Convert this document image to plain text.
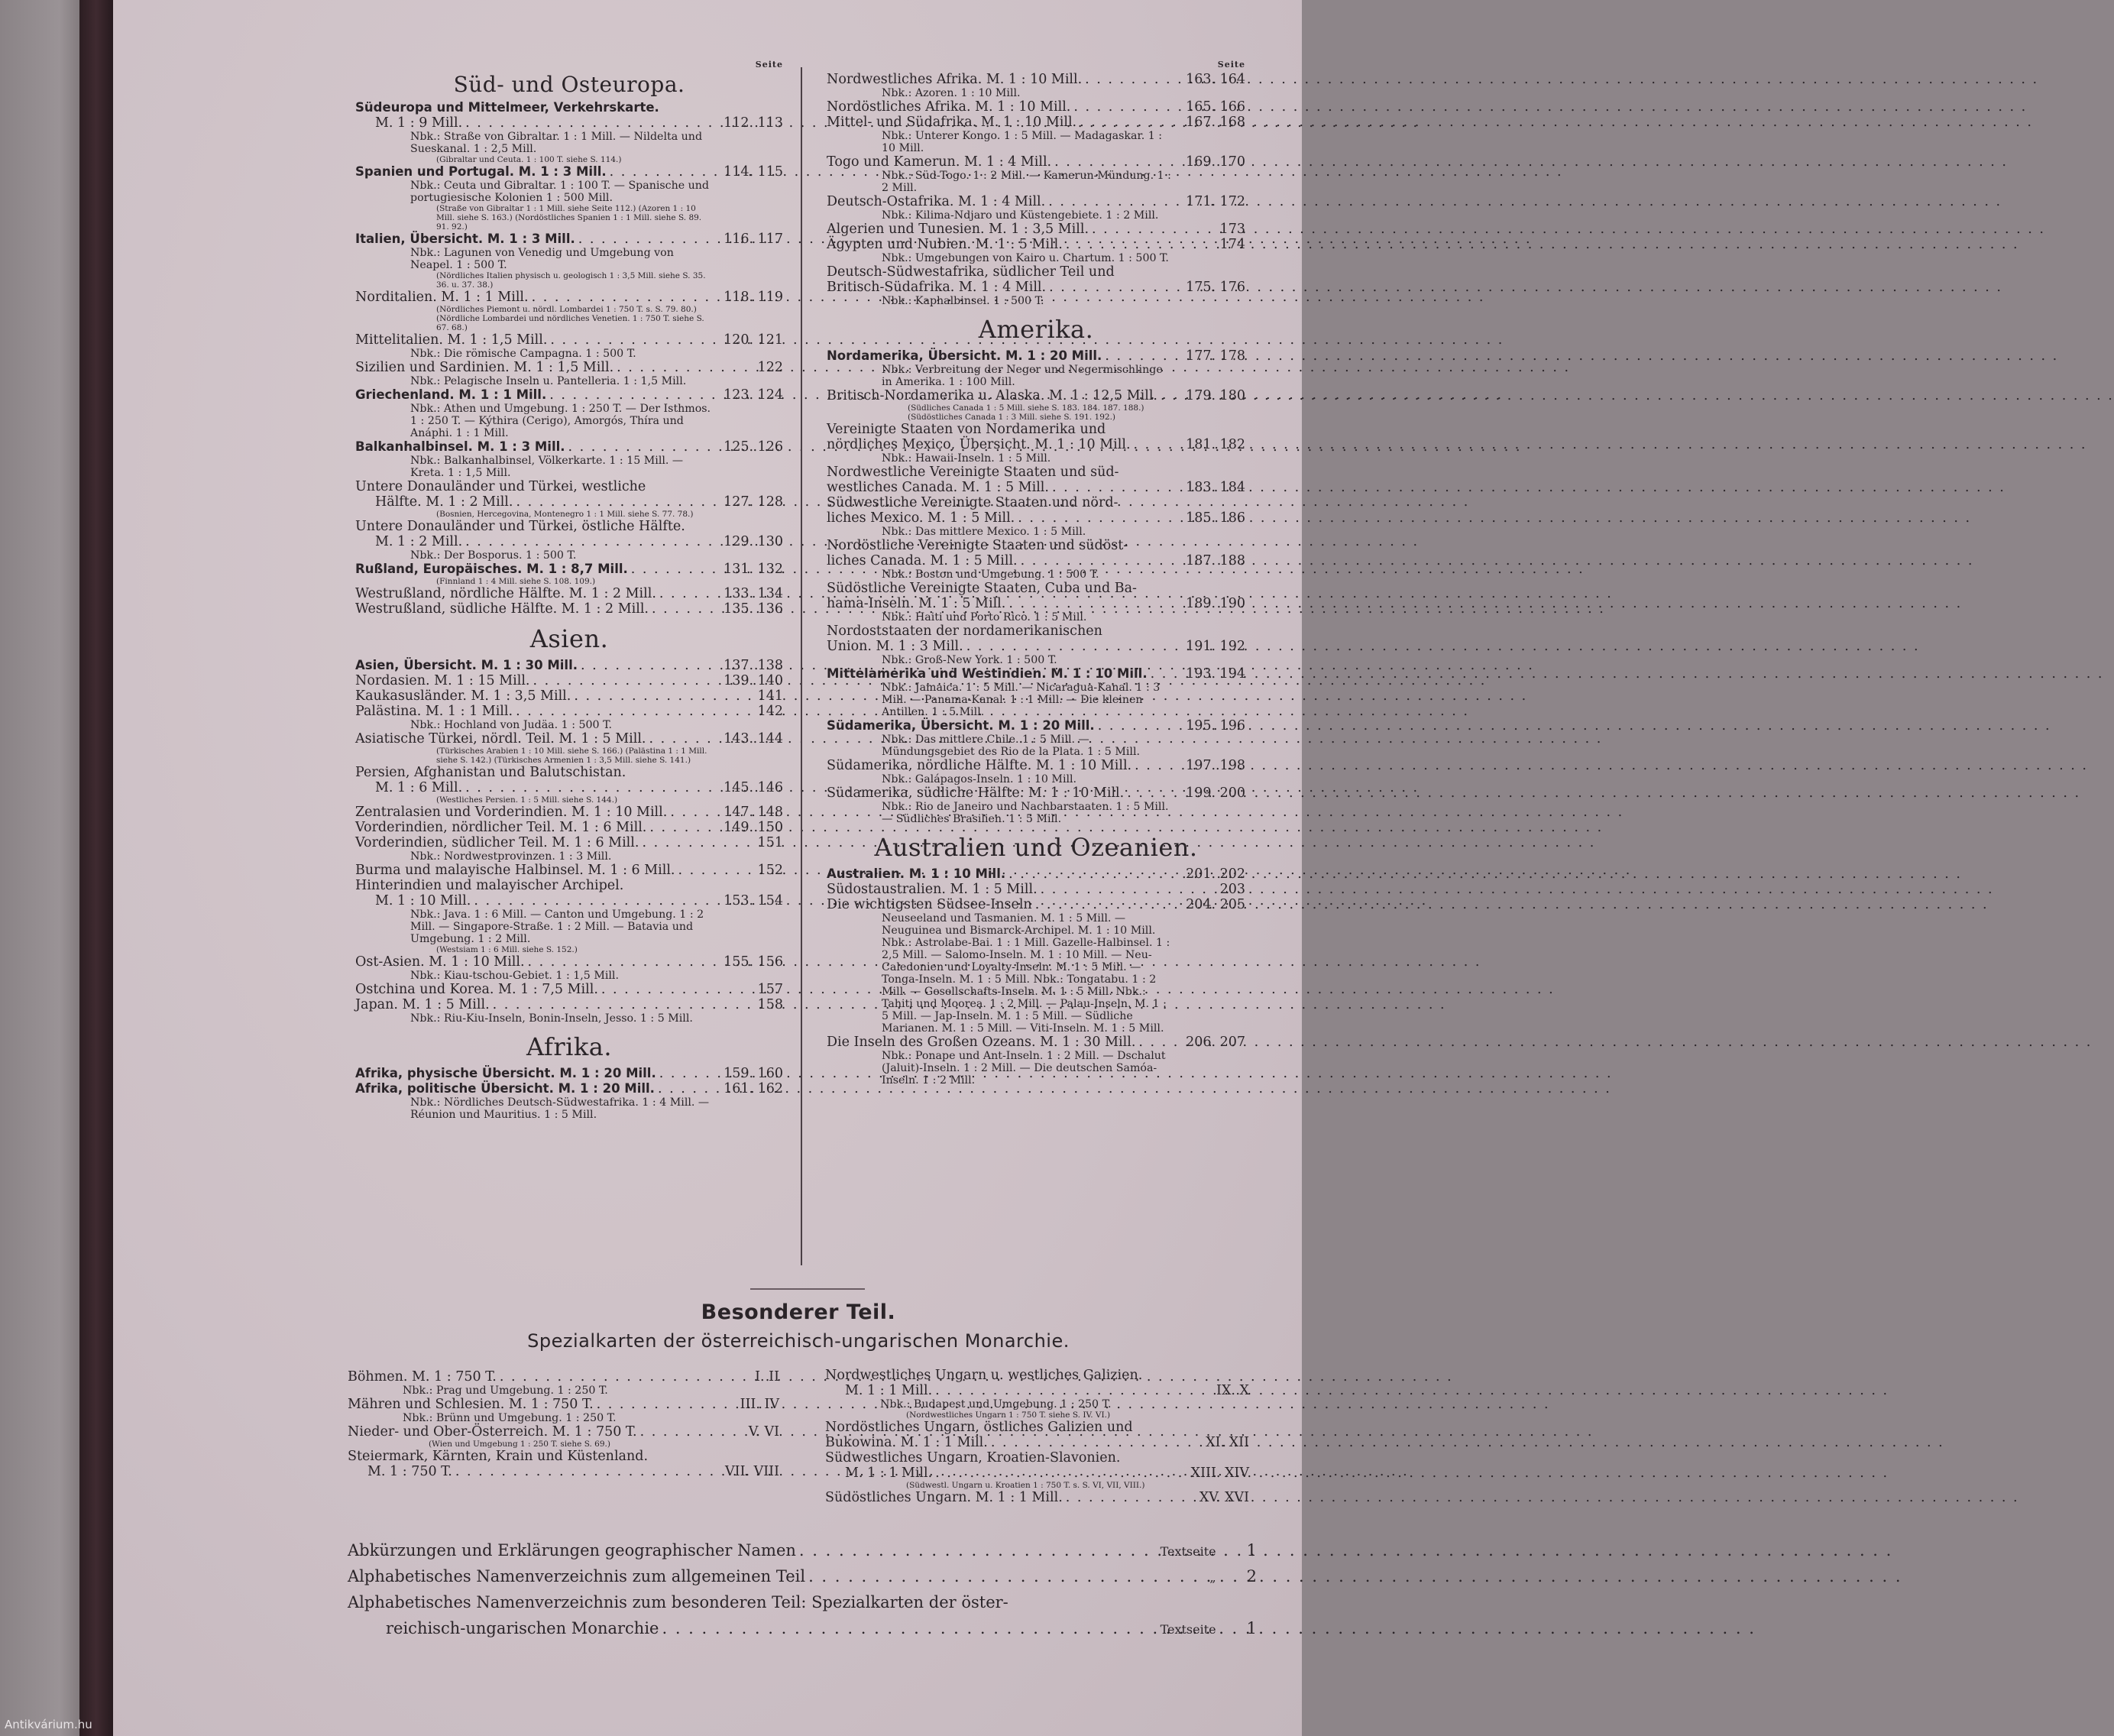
Seite
Süd- und Osteuropa.
Südeuropa und Mittelmeer, Verkehrskarte.
M. 1 : 9 Mill. . . .	112. 113
Nbk.: Straße von Gibraltar. 1 : 1 Mill. — Nildelta und Sueskanal. 1 : 2,5 Mill.
(Gibraltar und Ceuta. 1 : 100 T. siehe S. 114.)
Spanien und Portugal. M. 1 : 3 Mill. . . .	114. 115
Nbk.: Ceuta und Gibraltar. 1 : 100 T. — Spanische und portugiesische Kolonien 1 : 500 Mill.
(Straße von Gibraltar 1 : 1 Mill. siehe Seite 112.) (Azoren 1 : 10 Mill. siehe S. 163.) (Nordöstliches Spanien 1 : 1 Mill. siehe S. 89. 91. 92.)
Italien, Übersicht. M. 1 : 3 Mill. . . .	116. 117
Nbk.: Lagunen von Venedig und Umgebung von Neapel. 1 : 500 T.
(Nördliches Italien physisch u. geologisch 1 : 3,5 Mill. siehe S. 35. 36. u. 37. 38.)
Norditalien. M. 1 : 1 Mill. . . .	118. 119
(Nördliches Piemont u. nördl. Lombardei 1 : 750 T. s. S. 79. 80.) (Nördliche Lombardei und nördliches Venetien. 1 : 750 T. siehe S. 67. 68.)
Mittelitalien. M. 1 : 1,5 Mill. . . .	120. 121
Nbk.: Die römische Campagna. 1 : 500 T.
Sizilien und Sardinien. M. 1 : 1,5 Mill. . . .	122
Nbk.: Pelagische Inseln u. Pantelleria. 1 : 1,5 Mill.
Griechenland. M. 1 : 1 Mill. . . .	123. 124
Nbk.: Athen und Umgebung. 1 : 250 T. — Der Isthmos. 1 : 250 T. — Kýthira (Cerigo), Amorgós, Thíra und Anáphi. 1 : 1 Mill.
Balkanhalbinsel. M. 1 : 3 Mill. . . .	125. 126
Nbk.: Balkanhalbinsel, Völkerkarte. 1 : 15 Mill. — Kreta. 1 : 1,5 Mill.
Untere Donauländer und Türkei, westliche
Hälfte. M. 1 : 2 Mill. . . .	127. 128
(Bosnien, Hercegovina, Montenegro 1 : 1 Mill. siehe S. 77. 78.)
Untere Donauländer und Türkei, östliche Hälfte.
M. 1 : 2 Mill. . . .	129. 130
Nbk.: Der Bosporus. 1 : 500 T.
Rußland, Europäisches. M. 1 : 8,7 Mill. . . .	131. 132
(Finnland 1 : 4 Mill. siehe S. 108. 109.)
Westrußland, nördliche Hälfte. M. 1 : 2 Mill. . . .	133. 134
Westrußland, südliche Hälfte. M. 1 : 2 Mill. . . .	135. 136
Asien.
Asien, Übersicht. M. 1 : 30 Mill. . . .	137. 138
Nordasien. M. 1 : 15 Mill. . . .	139. 140
Kaukasusländer. M. 1 : 3,5 Mill. . . .	141
Palästina. M. 1 : 1 Mill. . . .	142
Nbk.: Hochland von Judäa. 1 : 500 T.
Asiatische Türkei, nördl. Teil. M. 1 : 5 Mill. . . .	143. 144
(Türkisches Arabien 1 : 10 Mill. siehe S. 166.) (Palästina 1 : 1 Mill. siehe S. 142.) (Türkisches Armenien 1 : 3,5 Mill. siehe S. 141.)
Persien, Afghanistan und Balutschistan.
M. 1 : 6 Mill. . . .	145. 146
(Westliches Persien. 1 : 5 Mill. siehe S. 144.)
Zentralasien und Vorderindien. M. 1 : 10 Mill. . . .	147. 148
Vorderindien, nördlicher Teil. M. 1 : 6 Mill. . . .	149. 150
Vorderindien, südlicher Teil. M. 1 : 6 Mill. . . .	151
Nbk.: Nordwestprovinzen. 1 : 3 Mill.
Burma und malayische Halbinsel. M. 1 : 6 Mill. . . .	152
Hinterindien und malayischer Archipel.
M. 1 : 10 Mill. . . .	153. 154
Nbk.: Java. 1 : 6 Mill. — Canton und Umgebung. 1 : 2 Mill. — Singapore-Straße. 1 : 2 Mill. — Batavia und Umgebung. 1 : 2 Mill.
(Westsiam 1 : 6 Mill. siehe S. 152.)
Ost-Asien. M. 1 : 10 Mill. . . .	155. 156
Nbk.: Kiau-tschou-Gebiet. 1 : 1,5 Mill.
Ostchina und Korea. M. 1 : 7,5 Mill. . . .	157
Japan. M. 1 : 5 Mill. . . .	158
Nbk.: Riu-Kiu-Inseln, Bonin-Inseln, Jesso. 1 : 5 Mill.
Afrika.
Afrika, physische Übersicht. M. 1 : 20 Mill. . . .	159. 160
Afrika, politische Übersicht. M. 1 : 20 Mill. . . .	161. 162
Nbk.: Nördliches Deutsch-Südwestafrika. 1 : 4 Mill. — Réunion und Mauritius. 1 : 5 Mill.
Seite
Nordwestliches Afrika. M. 1 : 10 Mill. . . .	163. 164
Nbk.: Azoren. 1 : 10 Mill.
Nordöstliches Afrika. M. 1 : 10 Mill. . . .	165. 166
Mittel- und Südafrika. M. 1 : 10 Mill. . . .	167. 168
Nbk.: Unterer Kongo. 1 : 5 Mill. — Madagaskar. 1 : 10 Mill.
Togo und Kamerun. M. 1 : 4 Mill. . . .	169. 170
Nbk.: Süd-Togo. 1 : 2 Mill. — Kamerun-Mündung. 1 : 2 Mill.
Deutsch-Ostafrika. M. 1 : 4 Mill. . . .	171. 172
Nbk.: Kilima-Ndjaro und Küstengebiete. 1 : 2 Mill.
Algerien und Tunesien. M. 1 : 3,5 Mill. . . .	173
Ägypten und Nubien. M. 1 : 5 Mill. . . .	174
Nbk.: Umgebungen von Kairo u. Chartum. 1 : 500 T.
Deutsch-Südwestafrika, südlicher Teil und
Britisch-Südafrika. M. 1 : 4 Mill. . . .	175. 176
Nbk.: Kaphalbinsel. 1 : 500 T.
Amerika.
Nordamerika, Übersicht. M. 1 : 20 Mill. . . .	177. 178
Nbk.: Verbreitung der Neger und Negermischlinge in Amerika. 1 : 100 Mill.
Britisch-Nordamerika u. Alaska. M. 1 : 12,5 Mill. . . .	179. 180
(Südliches Canada 1 : 5 Mill. siehe S. 183. 184. 187. 188.) (Südöstliches Canada 1 : 3 Mill. siehe S. 191. 192.)
Vereinigte Staaten von Nordamerika und
nördliches Mexico, Übersicht. M. 1 : 10 Mill. . . .	181. 182
Nbk.: Hawaii-Inseln. 1 : 5 Mill.
Nordwestliche Vereinigte Staaten und süd-
westliches Canada. M. 1 : 5 Mill. . . .	183. 184
Südwestliche Vereinigte Staaten und nörd-
liches Mexico. M. 1 : 5 Mill. . . .	185. 186
Nbk.: Das mittlere Mexico. 1 : 5 Mill.
Nordöstliche Vereinigte Staaten und südöst-
liches Canada. M. 1 : 5 Mill. . . .	187. 188
Nbk.: Boston und Umgebung. 1 : 500 T.
Südöstliche Vereinigte Staaten, Cuba und Ba-
hama-Inseln. M. 1 : 5 Mill. . . .	189. 190
Nbk.: Haiti und Porto Rico. 1 : 5 Mill.
Nordoststaaten der nordamerikanischen
Union. M. 1 : 3 Mill. . . .	191. 192
Nbk.: Groß-New York. 1 : 500 T.
Mittelamerika und Westindien. M. 1 : 10 Mill. . . .	193. 194
Nbk.: Jamaica. 1 : 5 Mill. — Nicaragua-Kanal. 1 : 3 Mill. — Panama-Kanal. 1 : 1 Mill. — Die kleinen Antillen. 1 : 5 Mill.
Südamerika, Übersicht. M. 1 : 20 Mill. . . .	195. 196
Nbk.: Das mittlere Chile. 1 : 5 Mill. — Mündungsgebiet des Rio de la Plata. 1 : 5 Mill.
Südamerika, nördliche Hälfte. M. 1 : 10 Mill. . . .	197. 198
Nbk.: Galápagos-Inseln. 1 : 10 Mill.
Südamerika, südliche Hälfte. M. 1 : 10 Mill. . . .	199. 200
Nbk.: Rio de Janeiro und Nachbarstaaten. 1 : 5 Mill. — Südliches Brasilien. 1 : 5 Mill.
Australien und Ozeanien.
Australien. M. 1 : 10 Mill. . . .	201. 202
Südostaustralien. M. 1 : 5 Mill. . . .	203
Die wichtigsten Südsee-Inseln . . .	204. 205
Neuseeland und Tasmanien. M. 1 : 5 Mill. — Neuguinea und Bismarck-Archipel. M. 1 : 10 Mill. Nbk.: Astrolabe-Bai. 1 : 1 Mill. Gazelle-Halbinsel. 1 : 2,5 Mill. — Salomo-Inseln. M. 1 : 10 Mill. — Neu-Caledonien und Loyalty-Inseln. M. 1 : 5 Mill. — Tonga-Inseln. M. 1 : 5 Mill. Nbk.: Tongatabu. 1 : 2 Mill. — Gesellschafts-Inseln. M. 1 : 5 Mill. Nbk.: Tahiti und Moorea. 1 : 2 Mill. — Palau-Inseln. M. 1 : 5 Mill. — Jap-Inseln. M. 1 : 5 Mill. — Südliche Marianen. M. 1 : 5 Mill. — Viti-Inseln. M. 1 : 5 Mill.
Die Inseln des Großen Ozeans. M. 1 : 30 Mill. . . .	206. 207
Nbk.: Ponape und Ant-Inseln. 1 : 2 Mill. — Dschalut (Jaluit)-Inseln. 1 : 2 Mill. — Die deutschen Samóa-Inseln. 1 : 2 Mill.
Besonderer Teil.
Spezialkarten der österreichisch-ungarischen Monarchie.
Böhmen. M. 1 : 750 T. . . .	I. II
Nbk.: Prag und Umgebung. 1 : 250 T.
Mähren und Schlesien. M. 1 : 750 T. . . .	III. IV
Nbk.: Brünn und Umgebung. 1 : 250 T.
Nieder- und Ober-Österreich. M. 1 : 750 T. . . .	V. VI
(Wien und Umgebung 1 : 250 T. siehe S. 69.)
Steiermark, Kärnten, Krain und Küstenland.
M. 1 : 750 T. . . .	VII. VIII
Nordwestliches Ungarn u. westliches Galizien.
M. 1 : 1 Mill. . . .	IX. X
Nbk.: Budapest und Umgebung. 1 : 250 T.
(Nordwestliches Ungarn 1 : 750 T. siehe S. IV. VI.)
Nordöstliches Ungarn, östliches Galizien und
Bukowina. M. 1 : 1 Mill. . . .	XI. XII
Südwestliches Ungarn, Kroatien-Slavonien.
M. 1 : 1 Mill. . . .	XIII. XIV
(Südwestl. Ungarn u. Kroatien 1 : 750 T. s. S. VI, VII, VIII.)
Südöstliches Ungarn. M. 1 : 1 Mill. . . .	XV. XVI
Abkürzungen und Erklärungen geographischer Namen . . .	Textseite 1
Alphabetisches Namenverzeichnis zum allgemeinen Teil . . .	„ 2
Alphabetisches Namenverzeichnis zum besonderen Teil: Spezialkarten der öster-
reichisch-ungarischen Monarchie . . .	Textseite 1
Antikvárium.hu
